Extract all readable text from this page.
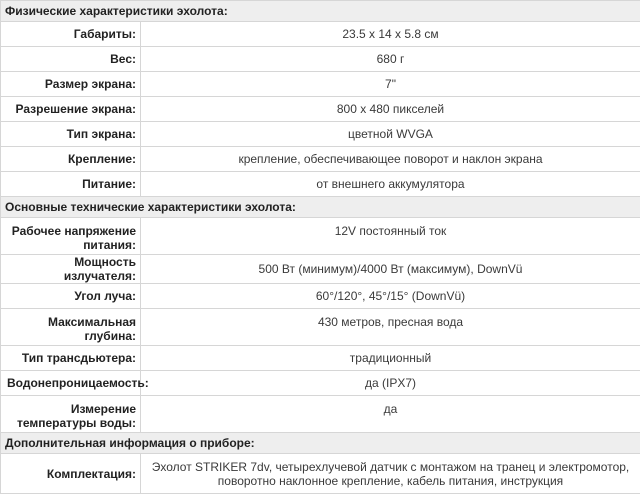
Физические характеристики эхолота:	
Габариты:	23.5 x 14 x 5.8 см
Вес:	680 г
Размер экрана:	7"
Разрешение экрана:	800 x 480 пикселей
Тип экрана:	цветной WVGA
Крепление:	крепление, обеспечивающее поворот и наклон экрана
Питание:	от внешнего аккумулятора
Основные технические характеристики эхолота:	
Рабочее напряжение питания:	12V постоянный ток
Мощность излучателя:	500 Вт (минимум)/4000 Вт (максимум), DownVü
Угол луча:	60°/120°, 45°/15° (DownVü)
Максимальная глубина:	430 метров, пресная вода
Тип трансдьютера:	традиционный
Водонепроницаемость:	да (IPX7)
Измерение температуры воды:	да
Дополнительная информация о приборе:	
Комплектация:	Эхолот STRIKER 7dv, четырехлучевой датчик с монтажом на транец и электромотор, поворотно наклонное крепление, кабель питания, инструкция
